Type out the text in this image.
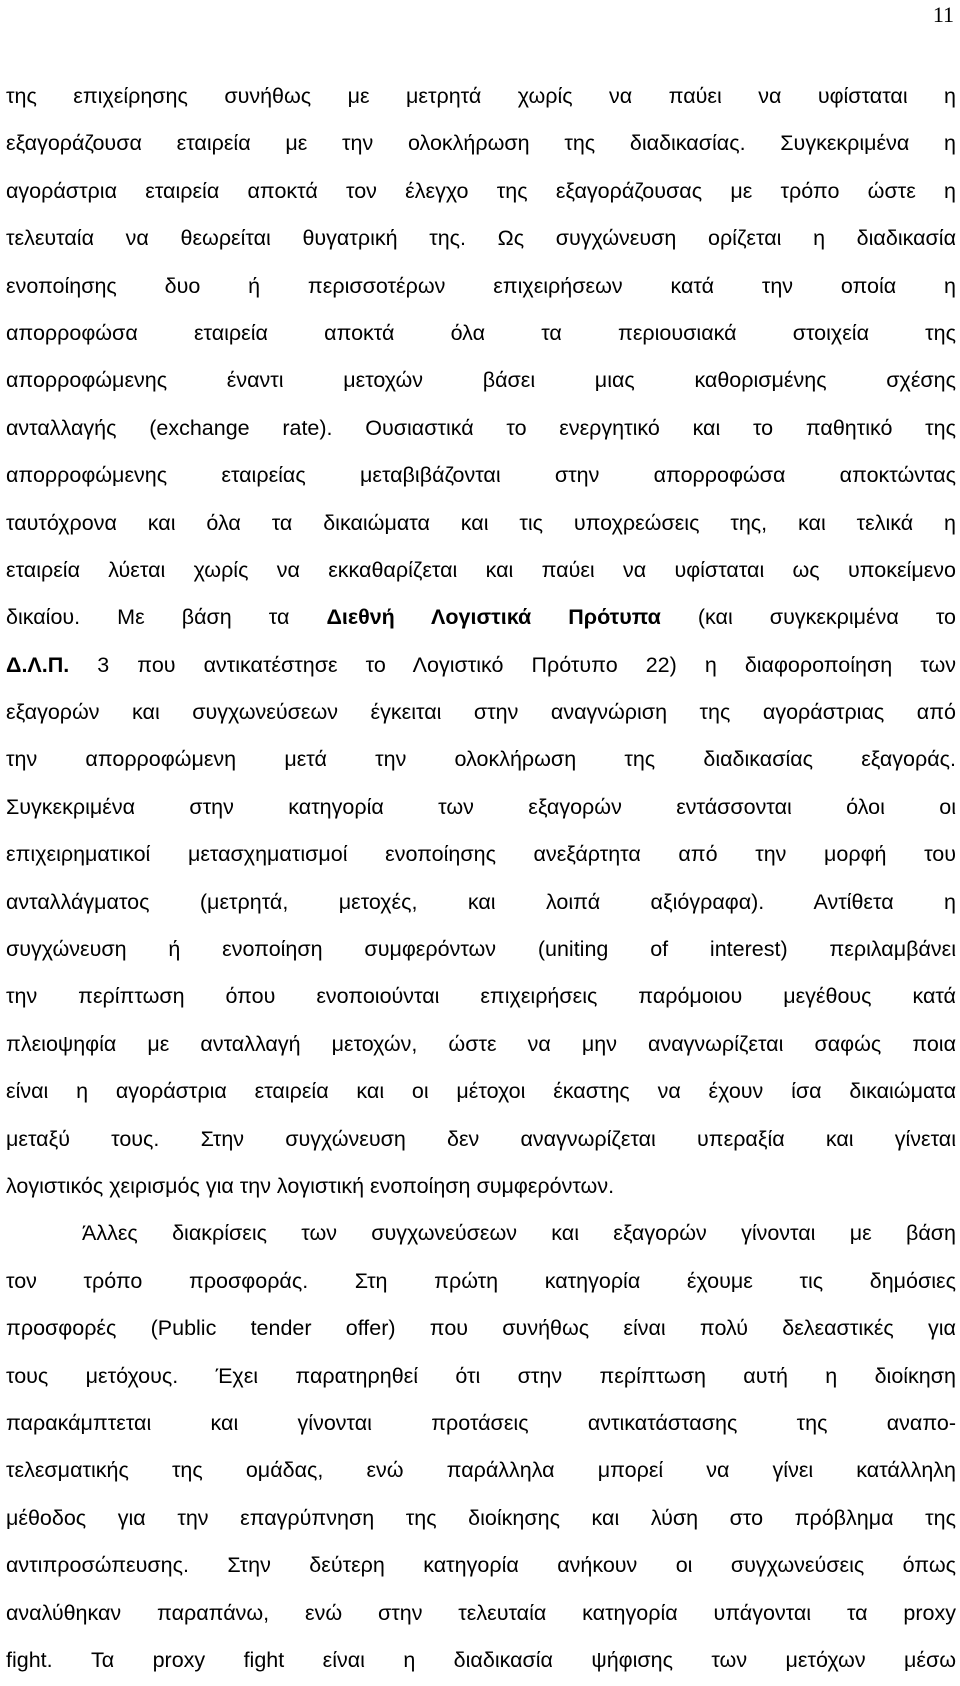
11
της επιχείρησης συνήθως με μετρητά χωρίς να παύει να υφίσταται η
εξαγοράζουσα εταιρεία με την ολοκλήρωση της διαδικασίας. Συγκεκριμένα η
αγοράστρια εταιρεία αποκτά τον έλεγχο της εξαγοράζουσας με τρόπο ώστε η
τελευταία να θεωρείται θυγατρική της. Ως συγχώνευση ορίζεται η διαδικασία
ενοποίησης δυο ή περισσοτέρων επιχειρήσεων κατά την οποία η
απορροφώσα εταιρεία αποκτά όλα τα περιουσιακά στοιχεία της
απορροφώμενης έναντι μετοχών βάσει μιας καθορισμένης σχέσης
ανταλλαγής (exchange rate). Ουσιαστικά το ενεργητικό και το παθητικό της
απορροφώμενης εταιρείας μεταβιβάζονται στην απορροφώσα αποκτώντας
ταυτόχρονα και όλα τα δικαιώματα και τις υποχρεώσεις της, και τελικά η
εταιρεία λύεται χωρίς να εκκαθαρίζεται και παύει να υφίσταται ως υποκείμενο
δικαίου. Με βάση τα Διεθνή Λογιστικά Πρότυπα (και συγκεκριμένα το
Δ.Λ.Π. 3 που αντικατέστησε το Λογιστικό Πρότυπο 22) η διαφοροποίηση των
εξαγορών και συγχωνεύσεων έγκειται στην αναγνώριση της αγοράστριας από
την απορροφώμενη μετά την ολοκλήρωση της διαδικασίας εξαγοράς.
Συγκεκριμένα στην κατηγορία των εξαγορών εντάσσονται όλοι οι
επιχειρηματικοί μετασχηματισμοί ενοποίησης ανεξάρτητα από την μορφή του
ανταλλάγματος (μετρητά, μετοχές, και λοιπά αξιόγραφα). Αντίθετα η
συγχώνευση ή ενοποίηση συμφερόντων (uniting of interest) περιλαμβάνει
την περίπτωση όπου ενοποιούνται επιχειρήσεις παρόμοιου μεγέθους κατά
πλειοψηφία με ανταλλαγή μετοχών, ώστε να μην αναγνωρίζεται σαφώς ποια
είναι η αγοράστρια εταιρεία και οι μέτοχοι έκαστης να έχουν ίσα δικαιώματα
μεταξύ τους. Στην συγχώνευση δεν αναγνωρίζεται υπεραξία και γίνεται
λογιστικός χειρισμός για την λογιστική ενοποίηση συμφερόντων.
Άλλες διακρίσεις των συγχωνεύσεων και εξαγορών γίνονται με βάση
τον τρόπο προσφοράς. Στη πρώτη κατηγορία έχουμε τις δημόσιες
προσφορές (Public tender offer) που συνήθως είναι πολύ δελεαστικές για
τους μετόχους. Έχει παρατηρηθεί ότι στην περίπτωση αυτή η διοίκηση
παρακάμπτεται και γίνονται προτάσεις αντικατάστασης της αναπο-
τελεσματικής της ομάδας, ενώ παράλληλα μπορεί να γίνει κατάλληλη
μέθοδος για την επαγρύπνηση της διοίκησης και λύση στο πρόβλημα της
αντιπροσώπευσης. Στην δεύτερη κατηγορία ανήκουν οι συγχωνεύσεις όπως
αναλύθηκαν παραπάνω, ενώ στην τελευταία κατηγορία υπάγονται τα proxy
fight. Τα proxy fight είναι η διαδικασία ψήφισης των μετόχων μέσω
